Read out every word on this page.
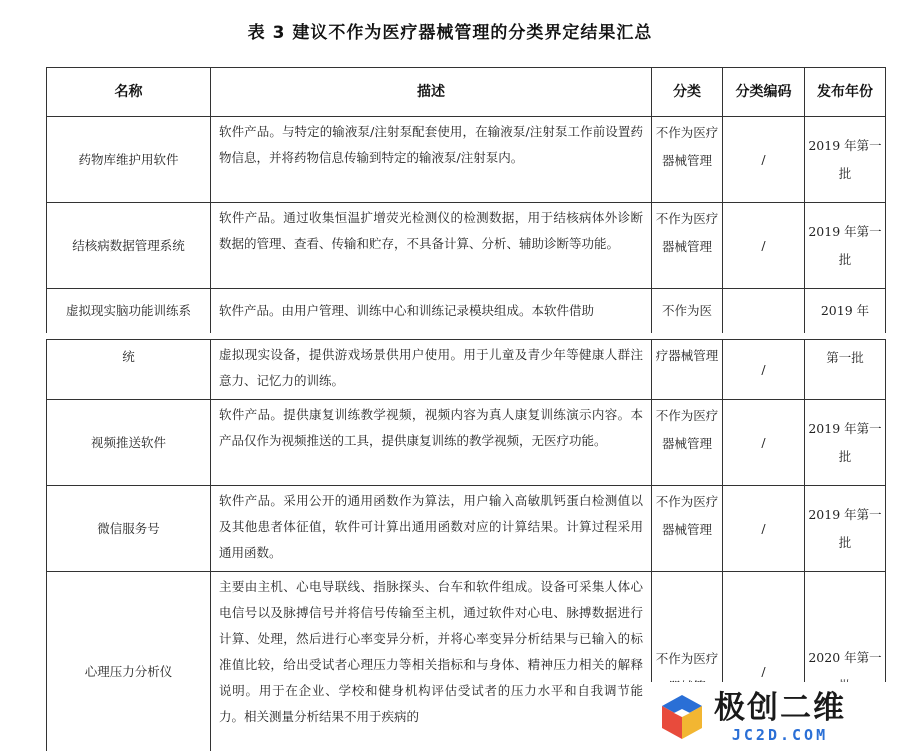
表 3 建议不作为医疗器械管理的分类界定结果汇总
名称	描述	分类	分类编码	发布年份
药物库维护用软件	软件产品。与特定的输液泵/注射泵配套使用，在输液泵/注射泵工作前设置药物信息，并将药物信息传输到特定的输液泵/注射泵内。	不作为医疗器械管理	/	2019 年第一批
结核病数据管理系统	软件产品。通过收集恒温扩增荧光检测仪的检测数据，用于结核病体外诊断数据的管理、查看、传输和贮存，不具备计算、分析、辅助诊断等功能。	不作为医疗器械管理	/	2019 年第一批
虚拟现实脑功能训练系	软件产品。由用户管理、训练中心和训练记录模块组成。本软件借助	不作为医		2019 年
统	虚拟现实设备，提供游戏场景供用户使用。用于儿童及青少年等健康人群注意力、记忆力的训练。	疗器械管理	/	第一批
视频推送软件	软件产品。提供康复训练教学视频，视频内容为真人康复训练演示内容。本产品仅作为视频推送的工具，提供康复训练的教学视频，无医疗功能。	不作为医疗器械管理	/	2019 年第一批
微信服务号	软件产品。采用公开的通用函数作为算法，用户输入高敏肌钙蛋白检测值以及其他患者体征值，软件可计算出通用函数对应的计算结果。计算过程采用通用函数。	不作为医疗器械管理	/	2019 年第一批
心理压力分析仪	主要由主机、心电导联线、指脉探头、台车和软件组成。设备可采集人体心电信号以及脉搏信号并将信号传输至主机，通过软件对心电、脉搏数据进行计算、处理，然后进行心率变异分析，并将心率变异分析结果与已输入的标准值比较，给出受试者心理压力等相关指标和与身体、精神压力相关的解释说明。用于在企业、学校和健身机构评估受试者的压力水平和自我调节能力。相关测量分析结果不用于疾病的	不作为医疗	/	2020 年第一
极创二维
JC2D.COM
